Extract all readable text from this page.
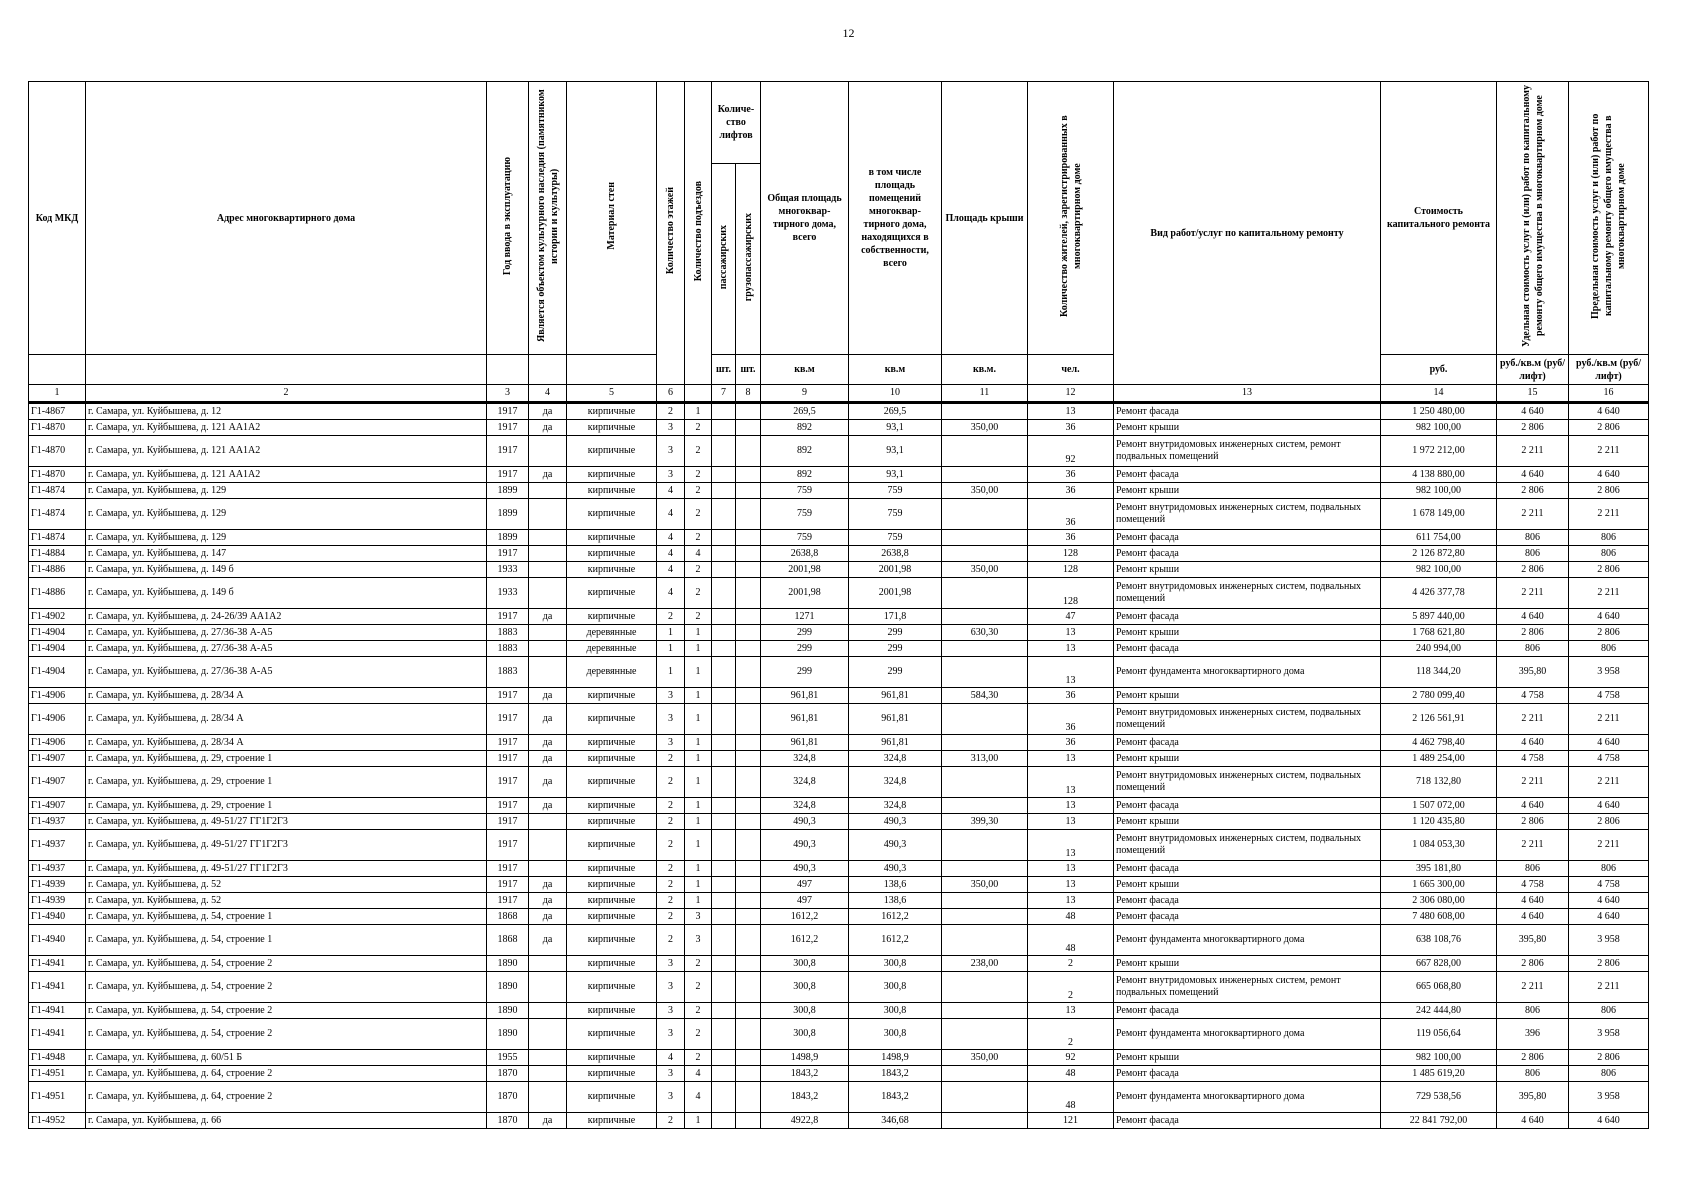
12
Код МКД	Адрес многоквартирного дома	Год ввода в эксплуатацию	Является объектом культурного наследия (памятником истории и культуры)	Материал стен	Количество этажей	Количество подъездов	Количе-ство лифтов		Общая площадь многоквар-тирного дома, всего	в том числе площадь помещений многоквар-тирного дома, находящихся в собственности, всего	Площадь крыши	Количество жителей, зарегистрированных в многоквартирном доме	Вид работ/услуг по капитальному ремонту	Стоимость капитального ремонта	Удельная стоимость услуг и (или) работ по капитальному ремонту общего имущества в многоквартирном доме	Предельная стоимость услуг и (или) работ по капитальному ремонту общего имущества в многоквартирном доме
							пассажирских	грузопассажирских								
							шт.	шт.	кв.м	кв.м	кв.м.	чел.		руб.	руб./кв.м (руб/лифт)	руб./кв.м (руб/лифт)
1	2	3	4	5	6		7	8	9	10	11	12	13	14	15	16
Г1-4867	г. Самара, ул. Куйбышева, д. 12	1917	да	кирпичные	2	1			269,5	269,5		13	Ремонт фасада	1 250 480,00	4 640	4 640
Г1-4870	г. Самара, ул. Куйбышева, д. 121 АА1А2	1917	да	кирпичные	3	2			892	93,1	350,00	36	Ремонт крыши	982 100,00	2 806	2 806
Г1-4870	г. Самара, ул. Куйбышева, д. 121 АА1А2	1917		кирпичные	3	2			892	93,1		92	Ремонт внутридомовых инженерных систем, ремонт подвальных помещений	1 972 212,00	2 211	2 211
Г1-4870	г. Самара, ул. Куйбышева, д. 121 АА1А2	1917	да	кирпичные	3	2			892	93,1		36	Ремонт фасада	4 138 880,00	4 640	4 640
Г1-4874	г. Самара, ул. Куйбышева, д. 129	1899		кирпичные	4	2			759	759	350,00	36	Ремонт крыши	982 100,00	2 806	2 806
Г1-4874	г. Самара, ул. Куйбышева, д. 129	1899		кирпичные	4	2			759	759		36	Ремонт внутридомовых инженерных систем, подвальных помещений	1 678 149,00	2 211	2 211
Г1-4874	г. Самара, ул. Куйбышева, д. 129	1899		кирпичные	4	2			759	759		36	Ремонт фасада	611 754,00	806	806
Г1-4884	г. Самара, ул. Куйбышева, д. 147	1917		кирпичные	4	4			2638,8	2638,8		128	Ремонт фасада	2 126 872,80	806	806
Г1-4886	г. Самара, ул. Куйбышева, д. 149 б	1933		кирпичные	4	2			2001,98	2001,98	350,00	128	Ремонт крыши	982 100,00	2 806	2 806
Г1-4886	г. Самара, ул. Куйбышева, д. 149 б	1933		кирпичные	4	2			2001,98	2001,98		128	Ремонт внутридомовых инженерных систем, подвальных помещений	4 426 377,78	2 211	2 211
Г1-4902	г. Самара, ул. Куйбышева, д. 24-26/39 АА1А2	1917	да	кирпичные	2	2			1271	171,8		47	Ремонт фасада	5 897 440,00	4 640	4 640
Г1-4904	г. Самара, ул. Куйбышева, д. 27/36-38 А-А5	1883		деревянные	1	1			299	299	630,30	13	Ремонт крыши	1 768 621,80	2 806	2 806
Г1-4904	г. Самара, ул. Куйбышева, д. 27/36-38 А-А5	1883		деревянные	1	1			299	299		13	Ремонт фасада	240 994,00	806	806
Г1-4904	г. Самара, ул. Куйбышева, д. 27/36-38 А-А5	1883		деревянные	1	1			299	299		13	Ремонт фундамента многоквартирного дома	118 344,20	395,80	3 958
Г1-4906	г. Самара, ул. Куйбышева, д. 28/34 А	1917	да	кирпичные	3	1			961,81	961,81	584,30	36	Ремонт крыши	2 780 099,40	4 758	4 758
Г1-4906	г. Самара, ул. Куйбышева, д. 28/34 А	1917	да	кирпичные	3	1			961,81	961,81		36	Ремонт внутридомовых инженерных систем, подвальных помещений	2 126 561,91	2 211	2 211
Г1-4906	г. Самара, ул. Куйбышева, д. 28/34 А	1917	да	кирпичные	3	1			961,81	961,81		36	Ремонт фасада	4 462 798,40	4 640	4 640
Г1-4907	г. Самара, ул. Куйбышева, д. 29, строение 1	1917	да	кирпичные	2	1			324,8	324,8	313,00	13	Ремонт крыши	1 489 254,00	4 758	4 758
Г1-4907	г. Самара, ул. Куйбышева, д. 29, строение 1	1917	да	кирпичные	2	1			324,8	324,8		13	Ремонт внутридомовых инженерных систем, подвальных помещений	718 132,80	2 211	2 211
Г1-4907	г. Самара, ул. Куйбышева, д. 29, строение 1	1917	да	кирпичные	2	1			324,8	324,8		13	Ремонт фасада	1 507 072,00	4 640	4 640
Г1-4937	г. Самара, ул. Куйбышева, д. 49-51/27 ГГ1Г2Г3	1917		кирпичные	2	1			490,3	490,3	399,30	13	Ремонт крыши	1 120 435,80	2 806	2 806
Г1-4937	г. Самара, ул. Куйбышева, д. 49-51/27 ГГ1Г2Г3	1917		кирпичные	2	1			490,3	490,3		13	Ремонт внутридомовых инженерных систем, подвальных помещений	1 084 053,30	2 211	2 211
Г1-4937	г. Самара, ул. Куйбышева, д. 49-51/27 ГГ1Г2Г3	1917		кирпичные	2	1			490,3	490,3		13	Ремонт фасада	395 181,80	806	806
Г1-4939	г. Самара, ул. Куйбышева, д. 52	1917	да	кирпичные	2	1			497	138,6	350,00	13	Ремонт крыши	1 665 300,00	4 758	4 758
Г1-4939	г. Самара, ул. Куйбышева, д. 52	1917	да	кирпичные	2	1			497	138,6		13	Ремонт фасада	2 306 080,00	4 640	4 640
Г1-4940	г. Самара, ул. Куйбышева, д. 54, строение 1	1868	да	кирпичные	2	3			1612,2	1612,2		48	Ремонт фасада	7 480 608,00	4 640	4 640
Г1-4940	г. Самара, ул. Куйбышева, д. 54, строение 1	1868	да	кирпичные	2	3			1612,2	1612,2		48	Ремонт фундамента многоквартирного дома	638 108,76	395,80	3 958
Г1-4941	г. Самара, ул. Куйбышева, д. 54, строение 2	1890		кирпичные	3	2			300,8	300,8	238,00	2	Ремонт крыши	667 828,00	2 806	2 806
Г1-4941	г. Самара, ул. Куйбышева, д. 54, строение 2	1890		кирпичные	3	2			300,8	300,8		2	Ремонт внутридомовых инженерных систем, ремонт подвальных помещений	665 068,80	2 211	2 211
Г1-4941	г. Самара, ул. Куйбышева, д. 54, строение 2	1890		кирпичные	3	2			300,8	300,8		13	Ремонт фасада	242 444,80	806	806
Г1-4941	г. Самара, ул. Куйбышева, д. 54, строение 2	1890		кирпичные	3	2			300,8	300,8		2	Ремонт фундамента многоквартирного дома	119 056,64	396	3 958
Г1-4948	г. Самара, ул. Куйбышева, д. 60/51 Б	1955		кирпичные	4	2			1498,9	1498,9	350,00	92	Ремонт крыши	982 100,00	2 806	2 806
Г1-4951	г. Самара, ул. Куйбышева, д. 64, строение 2	1870		кирпичные	3	4			1843,2	1843,2		48	Ремонт фасада	1 485 619,20	806	806
Г1-4951	г. Самара, ул. Куйбышева, д. 64, строение 2	1870		кирпичные	3	4			1843,2	1843,2		48	Ремонт фундамента многоквартирного дома	729 538,56	395,80	3 958
Г1-4952	г. Самара, ул. Куйбышева, д. 66	1870	да	кирпичные	2	1			4922,8	346,68		121	Ремонт фасада	22 841 792,00	4 640	4 640
